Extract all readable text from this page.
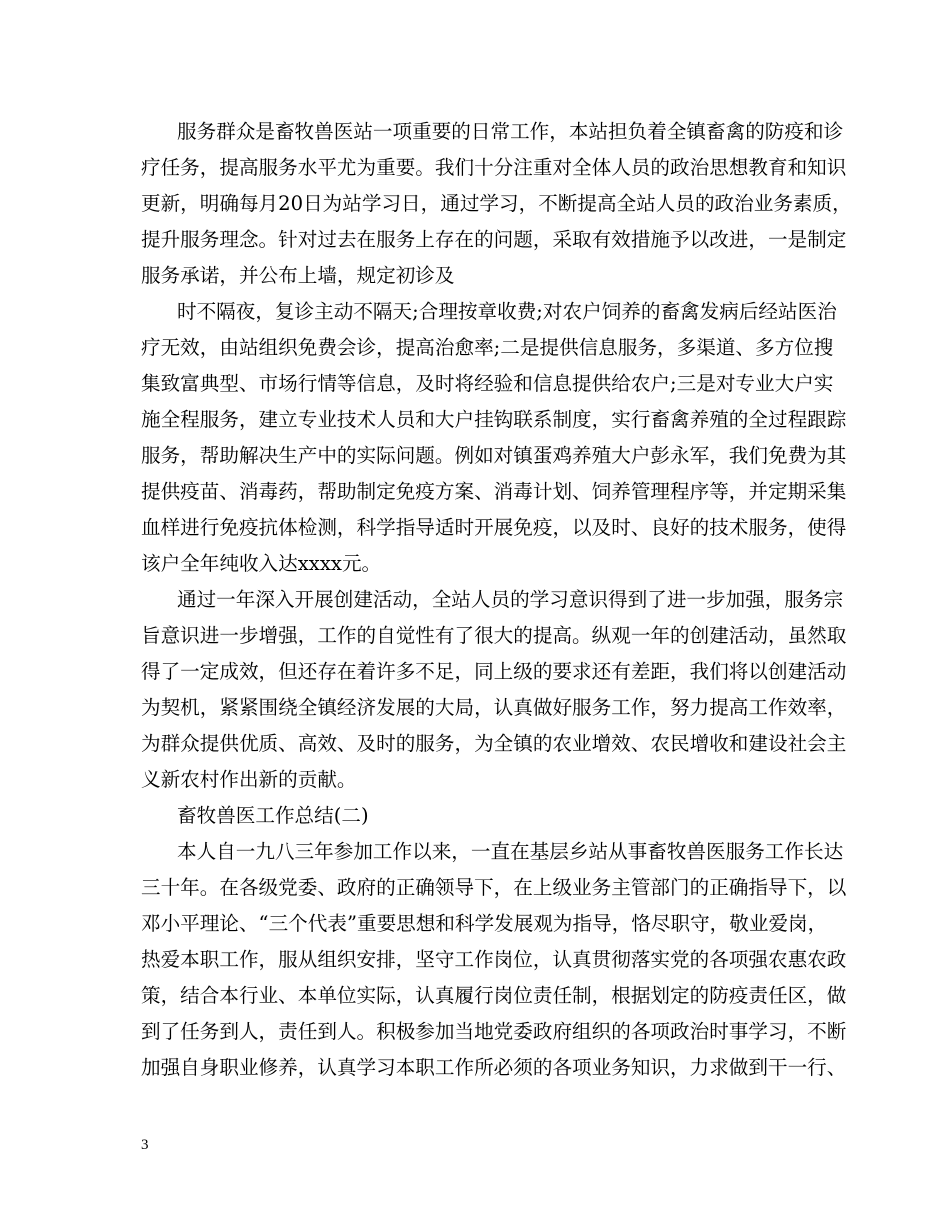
服务群众是畜牧兽医站一项重要的日常工作，本站担负着全镇畜禽的防疫和诊
疗任务，提高服务水平尤为重要。我们十分注重对全体人员的政治思想教育和知识
更新，明确每月20日为站学习日，通过学习，不断提高全站人员的政治业务素质，
提升服务理念。针对过去在服务上存在的问题，采取有效措施予以改进，一是制定
服务承诺，并公布上墙，规定初诊及
时不隔夜，复诊主动不隔天;合理按章收费;对农户饲养的畜禽发病后经站医治
疗无效，由站组织免费会诊，提高治愈率;二是提供信息服务，多渠道、多方位搜
集致富典型、市场行情等信息，及时将经验和信息提供给农户;三是对专业大户实
施全程服务，建立专业技术人员和大户挂钩联系制度，实行畜禽养殖的全过程跟踪
服务，帮助解决生产中的实际问题。例如对镇蛋鸡养殖大户彭永军，我们免费为其
提供疫苗、消毒药，帮助制定免疫方案、消毒计划、饲养管理程序等，并定期采集
血样进行免疫抗体检测，科学指导适时开展免疫，以及时、良好的技术服务，使得
该户全年纯收入达xxxx元。
通过一年深入开展创建活动，全站人员的学习意识得到了进一步加强，服务宗
旨意识进一步增强，工作的自觉性有了很大的提高。纵观一年的创建活动，虽然取
得了一定成效，但还存在着许多不足，同上级的要求还有差距，我们将以创建活动
为契机，紧紧围绕全镇经济发展的大局，认真做好服务工作，努力提高工作效率，
为群众提供优质、高效、及时的服务，为全镇的农业增效、农民增收和建设社会主
义新农村作出新的贡献。
畜牧兽医工作总结(二)
本人自一九八三年参加工作以来，一直在基层乡站从事畜牧兽医服务工作长达
三十年。在各级党委、政府的正确领导下，在上级业务主管部门的正确指导下，以
邓小平理论、“三个代表”重要思想和科学发展观为指导，恪尽职守，敬业爱岗，
热爱本职工作，服从组织安排，坚守工作岗位，认真贯彻落实党的各项强农惠农政
策，结合本行业、本单位实际，认真履行岗位责任制，根据划定的防疫责任区，做
到了任务到人，责任到人。积极参加当地党委政府组织的各项政治时事学习，不断
加强自身职业修养，认真学习本职工作所必须的各项业务知识，力求做到干一行、
3
